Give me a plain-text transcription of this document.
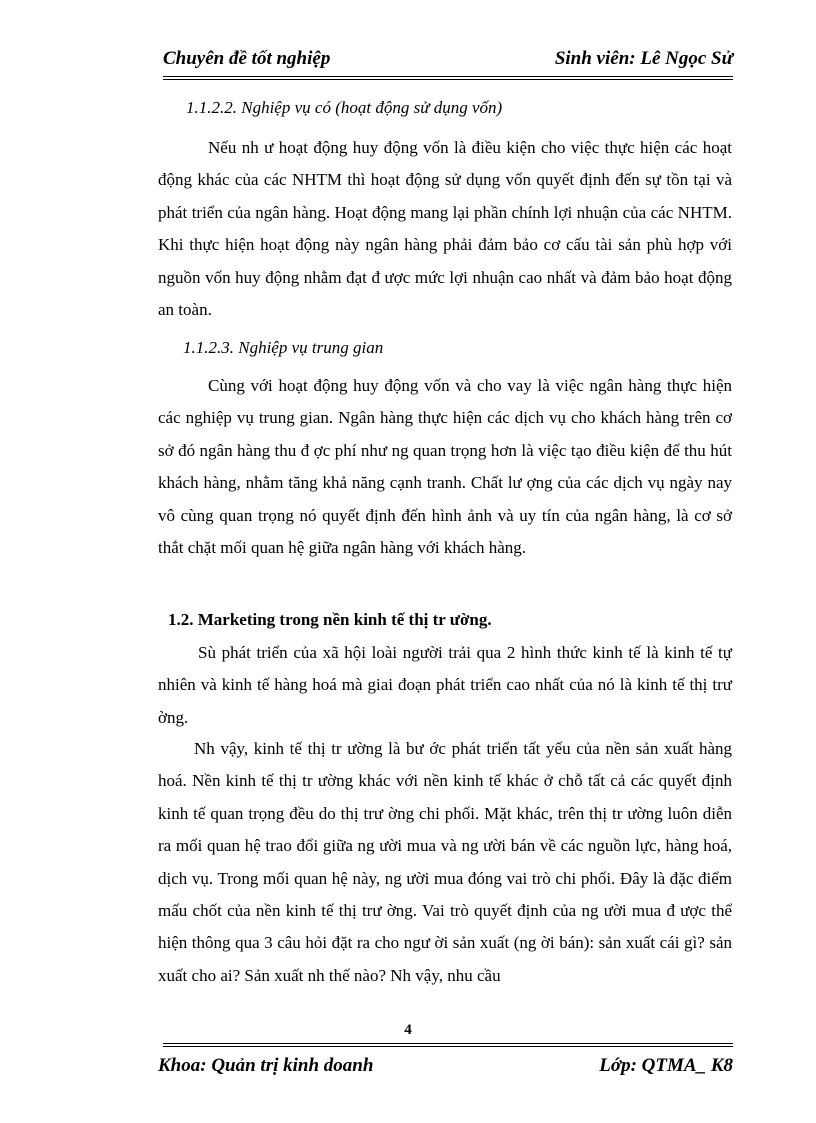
Chuyên đề tốt nghiệp	Sinh viên: Lê Ngọc Sử
1.1.2.2. Nghiệp vụ có (hoạt động sử dụng vốn)
Nếu nh ư hoạt động huy động vốn là điều kiện cho việc thực hiện các hoạt động khác của các NHTM thì hoạt động sử dụng vốn quyết định đến sự tồn tại và phát triển của ngân hàng. Hoạt động mang lại phần chính lợi nhuận của các NHTM. Khi thực hiện hoạt động này ngân hàng phải đảm bảo cơ cấu tài sản phù hợp với nguồn vốn huy động nhằm đạt đ ược mức lợi nhuận cao nhất và đảm bảo hoạt động an toàn.
1.1.2.3. Nghiệp vụ trung gian
Cùng với hoạt động huy động vốn và cho vay là việc ngân hàng thực hiện các nghiệp vụ trung gian. Ngân hàng thực hiện các dịch vụ cho khách hàng trên cơ sở đó ngân hàng thu đ ợc phí như ng quan trọng hơn là việc tạo điều kiện để thu hút khách hàng, nhằm tăng khả năng cạnh tranh. Chất lư ợng của các dịch vụ ngày nay vô cùng quan trọng nó quyết định đến hình ảnh và uy tín của ngân hàng, là cơ sở thắt chặt mối quan hệ giữa ngân hàng với khách hàng.
1.2. Marketing trong nền kinh tế thị tr ường.
Sù phát triển của xã hội loài người trải qua 2 hình thức kinh tế là kinh tế tự nhiên và kinh tế hàng hoá mà giai đoạn phát triển cao nhất của nó là kinh tế thị trư ờng.
Nh vậy, kinh tế thị tr ường là bư ớc phát triển tất yếu của nền sản xuất hàng hoá. Nền kinh tế thị tr ường khác với nền kinh tế khác ở chỗ tất cả các quyết định kinh tế quan trọng đều do thị trư ờng chi phối. Mặt khác, trên thị tr ường luôn diễn ra mối quan hệ trao đổi giữa ng ười mua và ng ười bán về các nguồn lực, hàng hoá, dịch vụ. Trong mối quan hệ này, ng ười mua đóng vai trò chi phối. Đây là đặc điểm mấu chốt của nền kinh tế thị trư ờng. Vai trò quyết định của ng ười mua đ ược thể hiện thông qua 3 câu hỏi đặt ra cho ngư ời sản xuất (ng ời bán): sản xuất cái gì? sản xuất cho ai? Sản xuất nh thế nào? Nh vậy, nhu cầu
4
Khoa: Quản trị kinh doanh	Lớp: QTMA_ K8
